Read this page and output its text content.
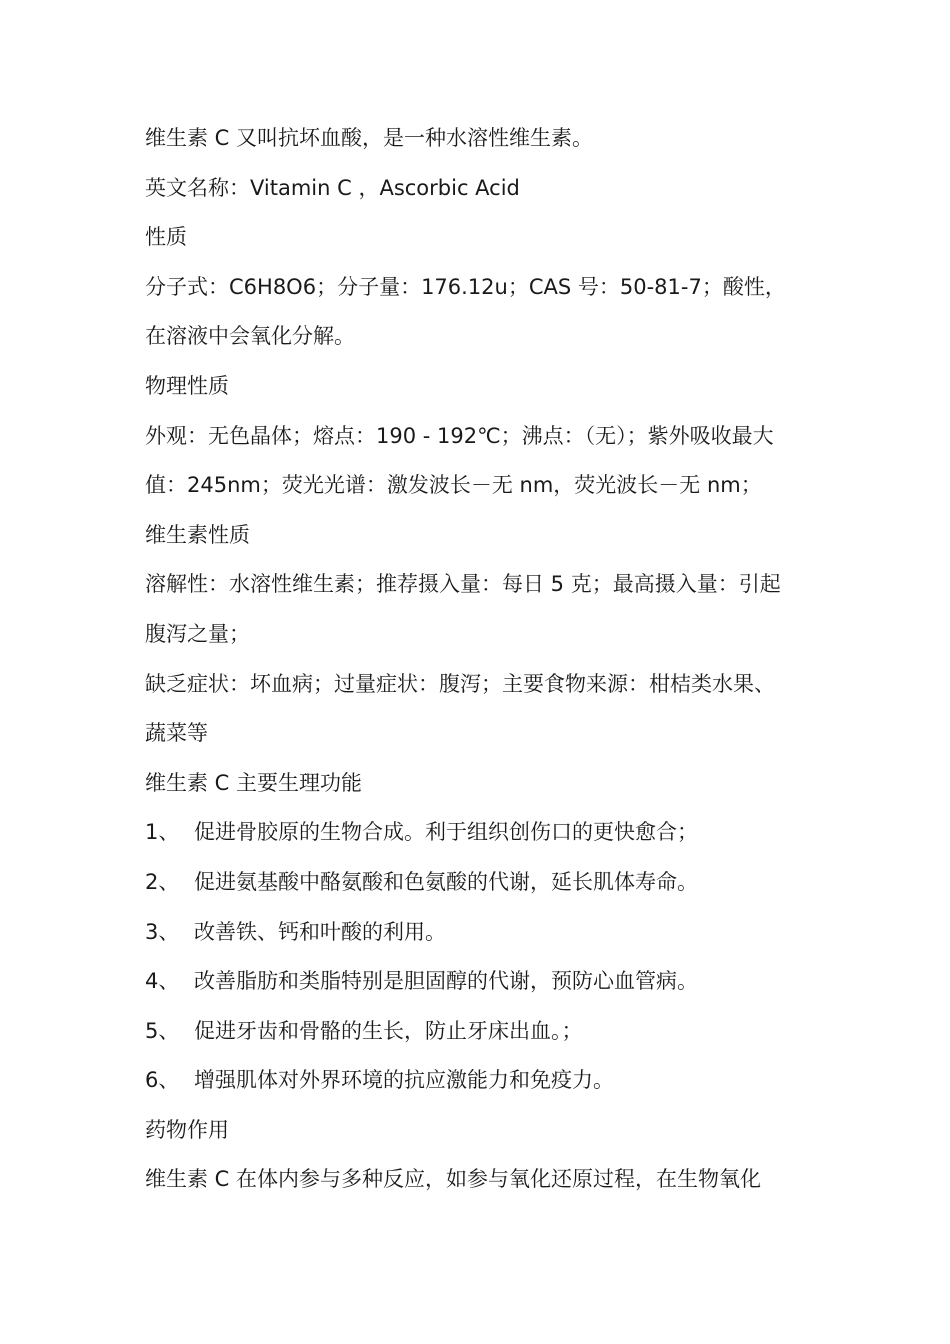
维生素 C 又叫抗坏血酸，是一种水溶性维生素。
英文名称：Vitamin C ，Ascorbic Acid
性质
分子式：C6H8O6；分子量：176.12u；CAS 号：50-81-7；酸性，
在溶液中会氧化分解。
物理性质
外观：无色晶体；熔点：190 - 192℃；沸点：（无）；紫外吸收最大
值：245nm；荧光光谱：激发波长－无 nm，荧光波长－无 nm；
维生素性质
溶解性：水溶性维生素；推荐摄入量：每日 5 克；最高摄入量：引起
腹泻之量；
缺乏症状：坏血病；过量症状：腹泻；主要食物来源：柑桔类水果、
蔬菜等
维生素 C 主要生理功能
1、 促进骨胶原的生物合成。利于组织创伤口的更快愈合；
2、 促进氨基酸中酪氨酸和色氨酸的代谢，延长肌体寿命。
3、 改善铁、钙和叶酸的利用。
4、 改善脂肪和类脂特别是胆固醇的代谢，预防心血管病。
5、 促进牙齿和骨骼的生长，防止牙床出血。；
6、 增强肌体对外界环境的抗应激能力和免疫力。
药物作用
维生素 C 在体内参与多种反应，如参与氧化还原过程，在生物氧化
